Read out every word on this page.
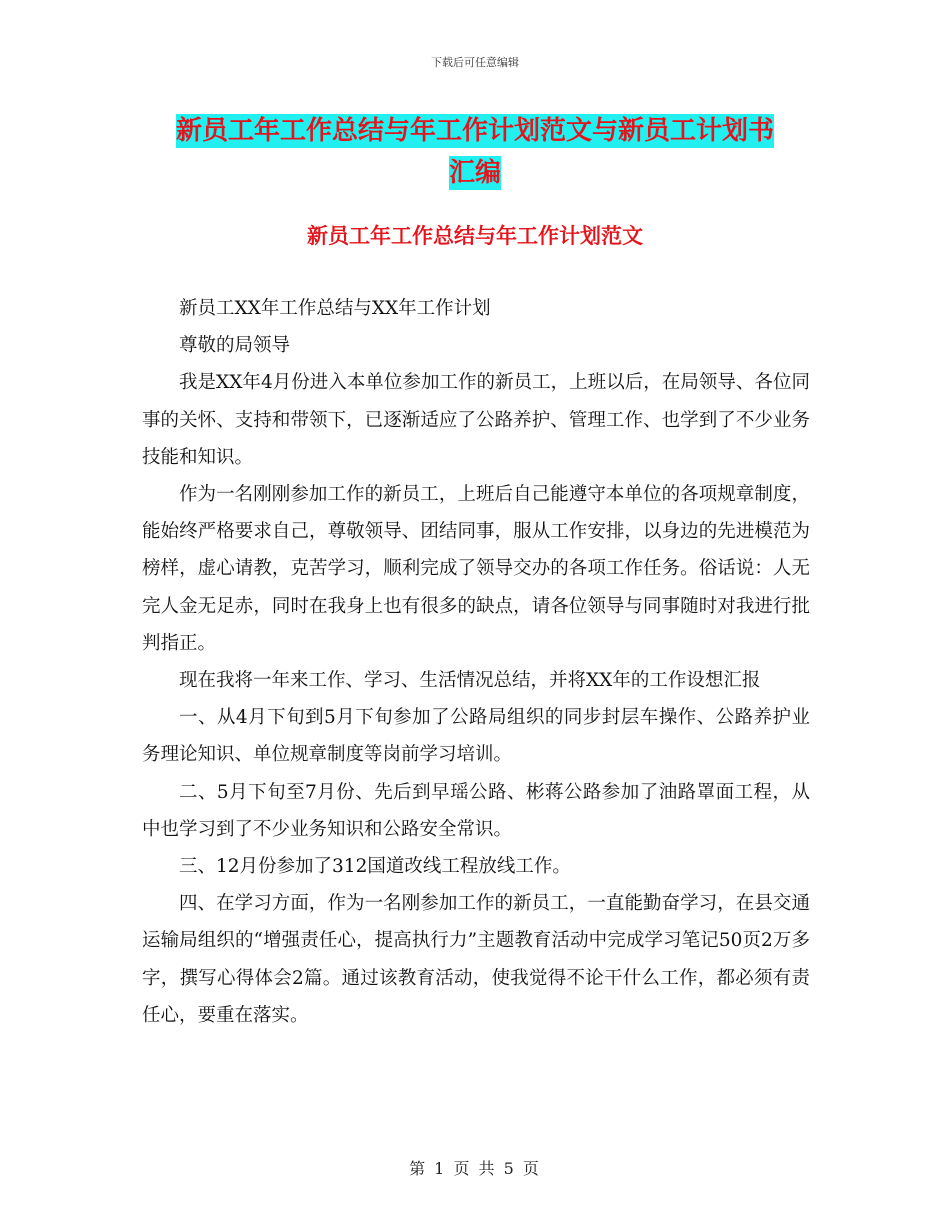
下载后可任意编辑
新员工年工作总结与年工作计划范文与新员工计划书
汇编
新员工年工作总结与年工作计划范文

新员工XX年工作总结与XX年工作计划

尊敬的局领导

我是XX年4月份进入本单位参加工作的新员工，上班以后，在局领导、各位同事的关怀、支持和带领下，已逐渐适应了公路养护、管理工作、也学到了不少业务技能和知识。

作为一名刚刚参加工作的新员工，上班后自己能遵守本单位的各项规章制度，能始终严格要求自己，尊敬领导、团结同事，服从工作安排，以身边的先进模范为榜样，虚心请教，克苦学习，顺利完成了领导交办的各项工作任务。俗话说：人无完人金无足赤，同时在我身上也有很多的缺点，请各位领导与同事随时对我进行批判指正。

现在我将一年来工作、学习、生活情况总结，并将XX年的工作设想汇报

一、从4月下旬到5月下旬参加了公路局组织的同步封层车操作、公路养护业务理论知识、单位规章制度等岗前学习培训。

二、5月下旬至7月份、先后到早瑶公路、彬蒋公路参加了油路罩面工程，从中也学习到了不少业务知识和公路安全常识。

三、12月份参加了312国道改线工程放线工作。

四、在学习方面，作为一名刚参加工作的新员工，一直能勤奋学习，在县交通运输局组织的“增强责任心，提高执行力”主题教育活动中完成学习笔记50页2万多字，撰写心得体会2篇。通过该教育活动，使我觉得不论干什么工作，都必须有责任心，要重在落实。

第 1 页 共 5 页
